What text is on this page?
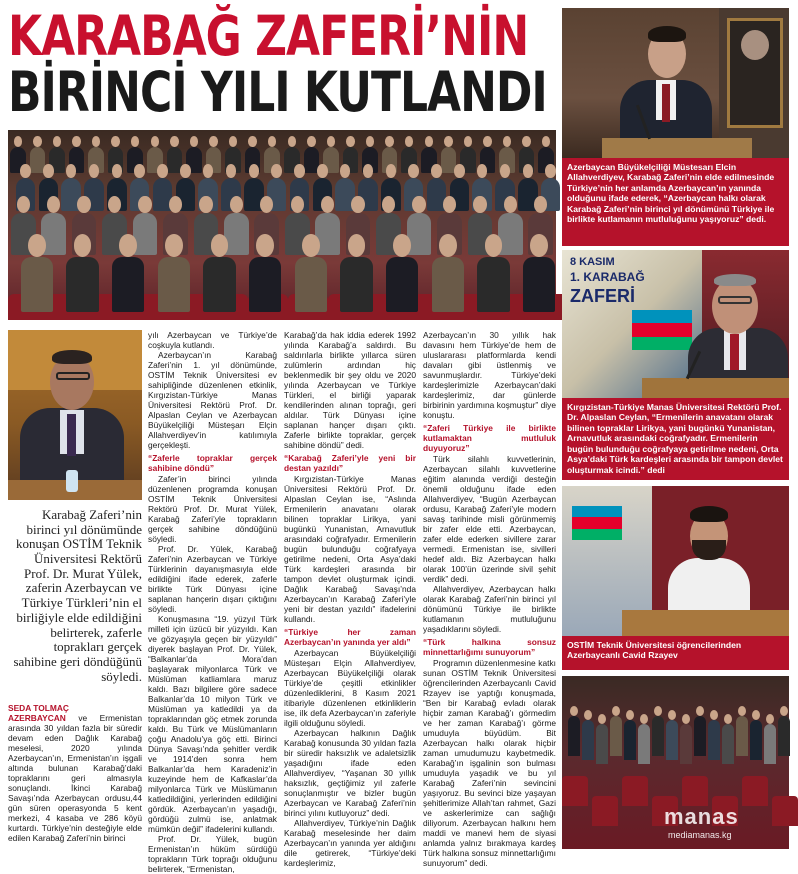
KARABAĞ ZAFERİ’NİN
BİRİNCİ YILI KUTLANDI
Azerbaycan Büyükelçiliği Müstesarı Elcin Allahverdiyev, Karabağ Zaferi’nin elde edilmesinde Türkiye’nin her anlamda Azerbaycan’ın yanında olduğunu ifade ederek, “Azerbaycan halkı olarak Karabağ Zaferi’nin birinci yıl dönümünü Türkiye ile birlikte kutlamanın mutluluğunu yaşıyoruz” dedi.
Karabağ Zaferi’nin birinci yıl dönümünde konuşan OSTİM Teknik Üniversitesi Rektörü Prof. Dr. Murat Yülek, zaferin Azerbaycan ve Türkiye Türkleri’nin el birliğiyle elde edildiğini belirterek, zaferle toprakları gerçek sahibine geri döndüğünü söyledi.

SEDA TOLMAÇ

AZERBAYCAN ve Ermenistan arasında 30 yıldan fazla bir süredir devam eden Dağlık Karabağ meselesi, 2020 yılında Azerbaycan’ın, Ermenistan’ın işgali altında bulunan Karabağ’daki topraklarını geri almasıyla sonuçlandı. İkinci Karabağ Savaşı’nda Azerbaycan ordusu,44 gün süren operasyonda 5 kent merkezi, 4 kasaba ve 286 köyü kurtardı. Türkiye’nin desteğiyle elde edilen Karabağ Zaferi’nin birinci

yılı Azerbaycan ve Türkiye’de coşkuyla kutlandı.

Azerbaycan’ın Karabağ Zaferi’nin 1. yıl dönümünde, OSTİM Teknik Üniversitesi ev sahipliğinde düzenlenen etkinlik, Kırgızistan-Türkiye Manas Üniversitesi Rektörü Prof. Dr. Alpaslan Ceylan ve Azerbaycan Büyükelçiliği Müsteşarı Elçin Allahverdiyev’in katılımıyla gerçekleşti.

“Zaferle topraklar gerçek sahibine döndü”

Zafer’in birinci yılında düzenlenen programda konuşan OSTİM Teknik Üniversitesi Rektörü Prof. Dr. Murat Yülek, Karabağ Zaferi’yle toprakların gerçek sahibine döndüğünü söyledi.

Prof. Dr. Yülek, Karabağ Zaferi’nin Azerbaycan ve Türkiye Türklerinin dayanışmasıyla elde edildiğini ifade ederek, zaferle birlikte Türk Dünyası içine saplanan hançerin dışarı çıktığını söyledi.

Konuşmasına “19. yüzyıl Türk milleti için üzücü bir yüzyıldı. Kan ve gözyaşıyla geçen bir yüzyıldı” diyerek başlayan Prof. Dr. Yülek, “Balkanlar’da Mora’dan başlayarak milyonlarca Türk ve Müslüman katliamlara maruz kaldı. Bazı bilgilere göre sadece Balkanlar’da 10 milyon Türk ve Müslüman ya katledildi ya da topraklarından göç etmek zorunda kaldı. Bu Türk ve Müslümanların çoğu Anadolu’ya göç etti. Birinci Dünya Savaşı’nda şehitler verdik ve 1914’den sonra hem Balkanlar’da hem Karadeniz’in kuzeyinde hem de Kafkaslar’da milyonlarca Türk ve Müslümanın katledildiğini, yerlerinden edildiğini gördük. Azerbaycan’ın yaşadığı, gördüğü zulmü ise, anlatmak mümkün değil” ifadelerini kullandı.

Prof. Dr. Yülek, bugün Ermenistan’ın hüküm sürdüğü toprakların Türk toprağı olduğunu belirterek, “Ermenistan,

Karabağ’da hak iddia ederek 1992 yılında Karabağ’a saldırdı. Bu saldırılarla birlikte yıllarca süren zulümlerin ardından hiç beklenmedik bir şey oldu ve 2020 yılında Azerbaycan ve Türkiye Türkleri, el birliği yaparak kendilerinden alınan toprağı, geri aldılar. Türk Dünyası içine saplanan hançer dışarı çıktı. Zaferle birlikte topraklar, gerçek sahibine döndü” dedi.

“Karabağ Zaferi’yle yeni bir destan yazıldı”

Kırgızistan-Türkiye Manas Üniversitesi Rektörü Prof. Dr. Alpaslan Ceylan ise, “Aslında Ermenilerin anavatanı olarak bilinen topraklar Lirikya, yani bugünkü Yunanistan, Arnavutluk arasındaki coğrafyadır. Ermenilerin bugün bulunduğu coğrafyaya getirilme nedeni, Orta Asya’daki Türk kardeşleri arasında bir tampon devlet oluşturmak içindi. Dağlık Karabağ Savaşı’nda Azerbaycan’ın Karabağ Zaferi’yle yeni bir destan yazıldı” ifadelerini kullandı.

“Türkiye her zaman Azerbaycan’ın yanında yer aldı”

Azerbaycan Büyükelçiliği Müsteşarı Elçin Allahverdiyev, Azerbaycan Büyükelçiliği olarak Türkiye’de çeşitli etkinlikler düzenlediklerini, 8 Kasım 2021 itibariyle düzenlenen etkinliklerin ise, ilk defa Azerbaycan’ın zaferiyle ilgili olduğunu söyledi.

Azerbaycan halkının Dağlık Karabağ konusunda 30 yıldan fazla bir süredir haksızlık ve adaletsizlik yaşadığını ifade eden Allahverdiyev, “Yaşanan 30 yıllık haksızlık, geçtiğimiz yıl zaferle sonuçlanmıştır ve bizler bugün Azerbaycan ve Karabağ Zaferi’nin birinci yılını kutluyoruz” dedi.

Allahverdiyev, Türkiye’nin Dağlık Karabağ meselesinde her daim Azerbaycan’ın yanında yer aldığını dile getirerek, “Türkiye’deki kardeşlerimiz,

Azerbaycan’ın 30 yıllık hak davasını hem Türkiye’de hem de uluslararası platformlarda kendi davaları gibi üstlenmiş ve savunmuşlardır. Türkiye’deki kardeşlerimizle Azerbaycan’daki kardeşlerimiz, dar günlerde birbirinin yardımına koşmuştur” diye konuştu.

“Zaferi Türkiye ile birlikte kutlamaktan mutluluk duyuyoruz”

Türk silahlı kuvvetlerinin, Azerbaycan silahlı kuvvetlerine eğitim alanında verdiği desteğin önemli olduğunu ifade eden Allahverdiyev, “Bugün Azerbaycan ordusu, Karabağ Zaferi’yle modern savaş tarihinde misli görünmemiş bir zafer elde etti. Azerbaycan, zafer elde ederken sivillere zarar vermedi. Ermenistan ise, sivilleri hedef aldı. Biz Azerbaycan halkı olarak 100’ün üzerinde sivil şehit verdik” dedi.

Allahverdiyev, Azerbaycan halkı olarak Karabağ Zaferi’nin birinci yıl dönümünü Türkiye ile birlikte kutlamanın mutluluğunu yaşadıklarını söyledi.

“Türk halkına sonsuz minnettarlığımı sunuyorum”

Programın düzenlenmesine katkı sunan OSTİM Teknik Üniversitesi öğrencilerinden Azerbaycanlı Cavid Rzayev ise yaptığı konuşmada, “Ben bir Karabağ evladı olarak hiçbir zaman Karabağ’ı görmedim ve her zaman Karabağ’ı görme umuduyla büyüdüm. Bit Azerbaycan halkı olarak hiçbir zaman umudumuzu kaybetmedik. Karabağ’ın işgalinin son bulması umuduyla yaşadık ve bu yıl Karabağ Zaferi’nin sevincini yaşıyoruz. Bu sevinci bize yaşayan şehitlerimize Allah’tan rahmet, Gazi ve askerlerimize can sağlığı diliyorum. Azerbaycan halkını hem maddi ve manevi hem de siyasi anlamda yalnız bırakmaya kardeş Türk halkına sonsuz minnettarlığımı sunuyorum” dedi.

8 KASIM
1. KARABAĞ
ZAFERİ
Kırgızistan-Türkiye Manas Üniversitesi Rektörü Prof. Dr. Alpaslan Ceylan, “Ermenilerin anavatanı olarak bilinen topraklar Lirikya, yani bugünkü Yunanistan, Arnavutluk arasındaki coğrafyadır. Ermenilerin bugün bulunduğu coğrafyaya getirilme nedeni, Orta Asya’daki Türk kardeşleri arasında bir tampon devlet oluşturmak icindi.” dedi
OSTİM Teknik Üniversitesi öğrencilerinden Azerbaycanlı Cavid Rzayev
manas
mediamanas.kg
